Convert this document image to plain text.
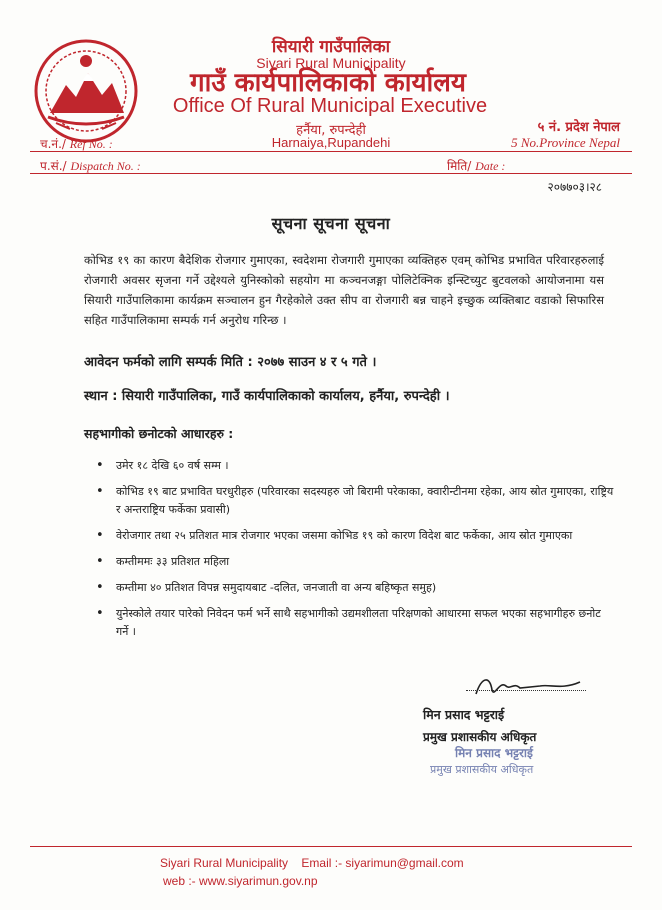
सियारी गाउँपालिका
Siyari Rural Municipality
गाउँ कार्यपालिकाको कार्यालय
Office Of Rural Municipal Executive
हर्नैया, रुपन्देही
Harnaiya,Rupandehi
५ नं. प्रदेश नेपाल
5 No.Province Nepal
च.नं./ Ref No. :
प.सं./ Dispatch No. :	मिति/ Date :
२०७७०३।२८
सूचना सूचना सूचना
कोभिड १९ का कारण बैदेशिक रोजगार गुमाएका, स्वदेशमा रोजगारी गुमाएका व्यक्तिहरु एवम् कोभिड प्रभावित परिवारहरुलाई रोजगारी अवसर सृजना गर्ने उद्देश्यले युनिस्कोको सहयोग मा कञ्चनजङ्गा पोलिटेक्निक इन्स्टिच्युट बुटवलको आयोजनामा यस सियारी गाउँपालिकामा कार्यक्रम सञ्चालन हुन गैरहेकोले उक्त सीप वा रोजगारी बन्न चाहने इच्छुक व्यक्तिबाट वडाको सिफारिस सहित गाउँपालिकामा सम्पर्क गर्न अनुरोध गरिन्छ ।
आवेदन फर्मको लागि सम्पर्क मिति : २०७७ साउन ४ र ५ गते ।
स्थान : सियारी गाउँपालिका, गाउँ कार्यपालिकाको कार्यालय, हर्नैया, रुपन्देही ।
सहभागीको छनोटको आधारहरु :
• उमेर १८ देखि ६० वर्ष सम्म ।
• कोभिड १९ बाट प्रभावित घरधुरीहरु (परिवारका सदस्यहरु जो बिरामी परेकाका, क्वारीन्टीनमा रहेका, आय स्रोत गुमाएका, राष्ट्रिय र अन्तराष्ट्रिय फर्केका प्रवासी)
• वेरोजगार तथा २५ प्रतिशत मात्र रोजगार भएका जसमा कोभिड १९ को कारण विदेश बाट फर्केका, आय स्रोत गुमाएका
• कम्तीममः ३३ प्रतिशत महिला
• कम्तीमा ४० प्रतिशत विपन्न समुदायबाट -दलित, जनजाती वा अन्य बहिष्कृत समुह)
• युनेस्कोले तयार पारेको निवेदन फर्म भर्ने साथै सहभागीको उद्यमशीलता परिक्षणको आधारमा सफल भएका सहभागीहरु छनोट गर्ने ।
मिन प्रसाद भट्टराई
प्रमुख प्रशासकीय अधिकृत
मिन प्रसाद भट्टराई
प्रमुख प्रशासकीय अधिकृत
Siyari Rural Municipality Email :- siyarimun@gmail.com
web :- www.siyarimun.gov.np
